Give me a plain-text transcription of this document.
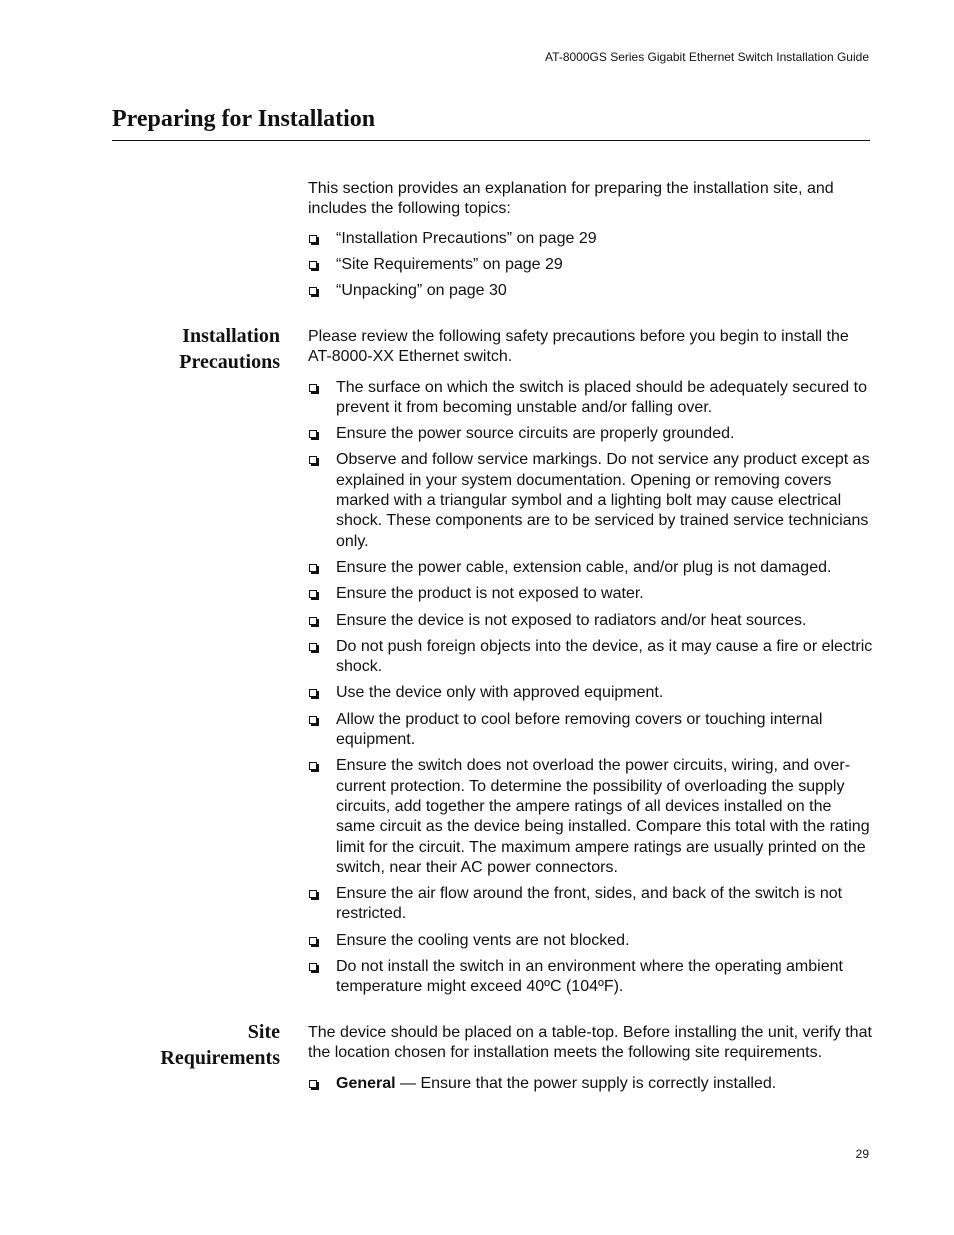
AT-8000GS Series Gigabit Ethernet Switch Installation Guide
Preparing for Installation

This section provides an explanation for preparing the installation site, and includes the following topics:

“Installation Precautions” on page 29
“Site Requirements” on page 29
“Unpacking” on page 30
Installation
Precautions

Please review the following safety precautions before you begin to install the AT-8000-XX Ethernet switch.

The surface on which the switch is placed should be adequately secured to prevent it from becoming unstable and/or falling over.
Ensure the power source circuits are properly grounded.
Observe and follow service markings. Do not service any product except as explained in your system documentation. Opening or removing covers marked with a triangular symbol and a lighting bolt may cause electrical shock. These components are to be serviced by trained service technicians only.
Ensure the power cable, extension cable, and/or plug is not damaged.
Ensure the product is not exposed to water.
Ensure the device is not exposed to radiators and/or heat sources.
Do not push foreign objects into the device, as it may cause a fire or electric shock.
Use the device only with approved equipment.
Allow the product to cool before removing covers or touching internal equipment.
Ensure the switch does not overload the power circuits, wiring, and over-current protection. To determine the possibility of overloading the supply circuits, add together the ampere ratings of all devices installed on the same circuit as the device being installed. Compare this total with the rating limit for the circuit. The maximum ampere ratings are usually printed on the switch, near their AC power connectors.
Ensure the air flow around the front, sides, and back of the switch is not restricted.
Ensure the cooling vents are not blocked.
Do not install the switch in an environment where the operating ambient temperature might exceed 40ºC (104ºF).
Site
Requirements

The device should be placed on a table-top. Before installing the unit, verify that the location chosen for installation meets the following site requirements.

General — Ensure that the power supply is correctly installed.
29
